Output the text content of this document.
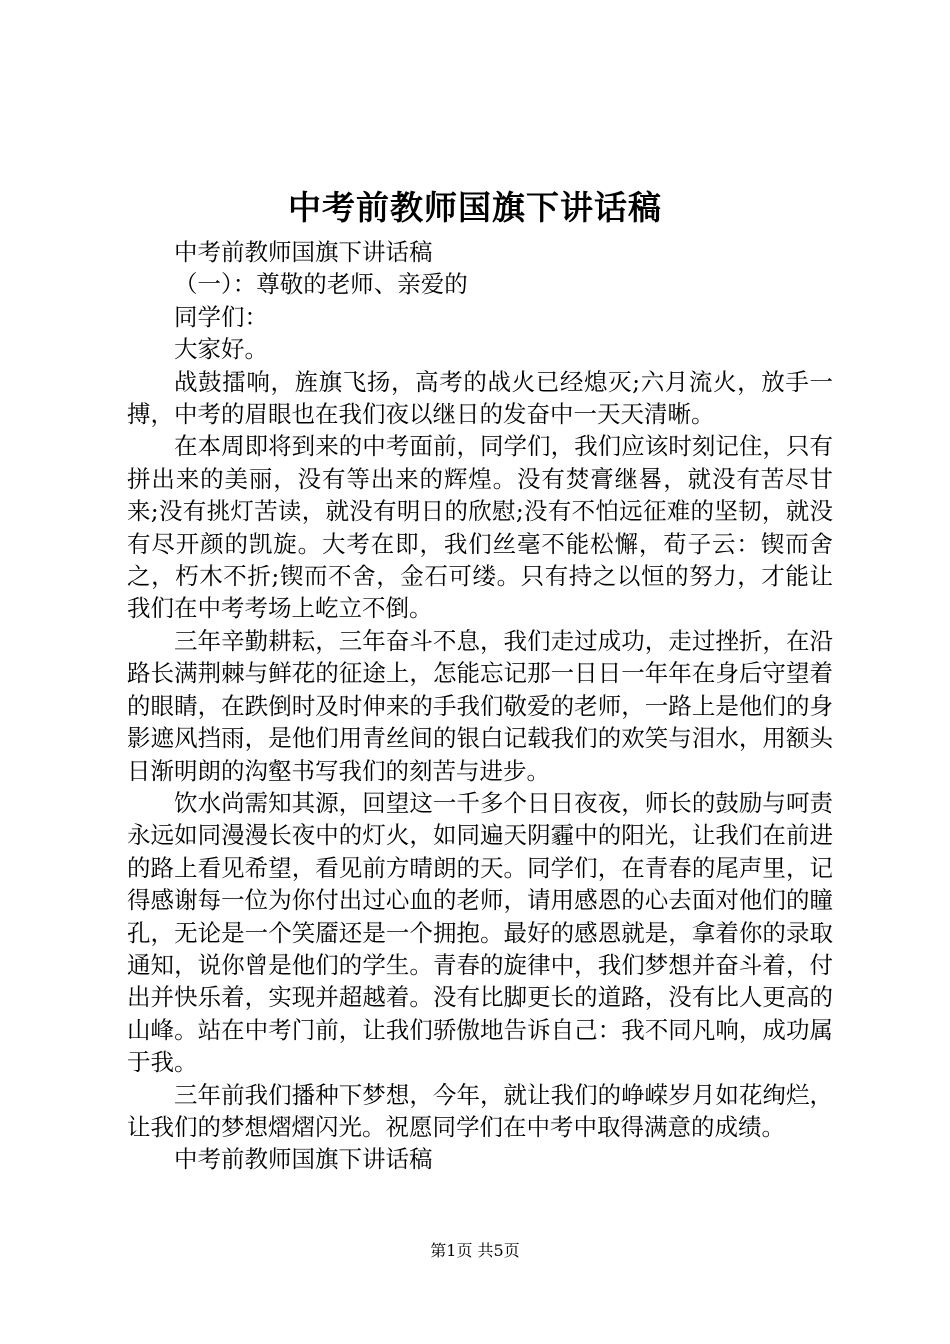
中考前教师国旗下讲话稿

中考前教师国旗下讲话稿

（一）：尊敬的老师、亲爱的

同学们：

大家好。

战鼓擂响，旌旗飞扬，高考的战火已经熄灭;六月流火，放手一搏，中考的眉眼也在我们夜以继日的发奋中一天天清晰。

在本周即将到来的中考面前，同学们，我们应该时刻记住，只有拼出来的美丽，没有等出来的辉煌。没有焚膏继晷，就没有苦尽甘来;没有挑灯苦读，就没有明日的欣慰;没有不怕远征难的坚韧，就没有尽开颜的凯旋。大考在即，我们丝毫不能松懈，荀子云：锲而舍之，朽木不折;锲而不舍，金石可缕。只有持之以恒的努力，才能让我们在中考考场上屹立不倒。

三年辛勤耕耘，三年奋斗不息，我们走过成功，走过挫折，在沿路长满荆棘与鲜花的征途上，怎能忘记那一日日一年年在身后守望着的眼睛，在跌倒时及时伸来的手我们敬爱的老师，一路上是他们的身影遮风挡雨，是他们用青丝间的银白记载我们的欢笑与泪水，用额头日渐明朗的沟壑书写我们的刻苦与进步。

饮水尚需知其源，回望这一千多个日日夜夜，师长的鼓励与呵责永远如同漫漫长夜中的灯火，如同遍天阴霾中的阳光，让我们在前进的路上看见希望，看见前方晴朗的天。同学们，在青春的尾声里，记得感谢每一位为你付出过心血的老师，请用感恩的心去面对他们的瞳孔，无论是一个笑靥还是一个拥抱。最好的感恩就是，拿着你的录取通知，说你曾是他们的学生。青春的旋律中，我们梦想并奋斗着，付出并快乐着，实现并超越着。没有比脚更长的道路，没有比人更高的山峰。站在中考门前，让我们骄傲地告诉自己：我不同凡响，成功属于我。

三年前我们播种下梦想，今年，就让我们的峥嵘岁月如花绚烂，让我们的梦想熠熠闪光。祝愿同学们在中考中取得满意的成绩。

中考前教师国旗下讲话稿

第1页 共5页
